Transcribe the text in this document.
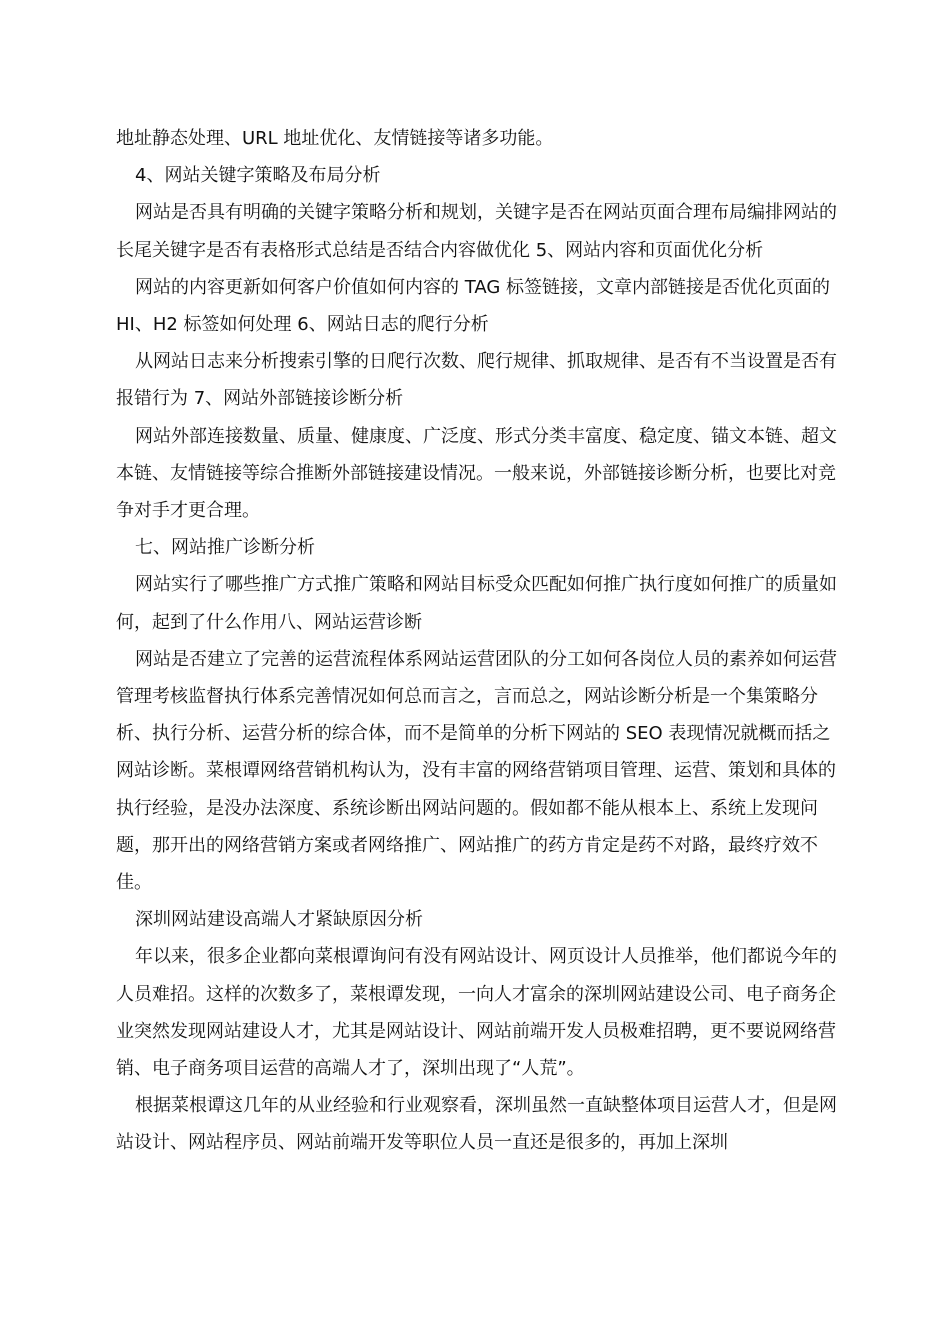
地址静态处理、URL 地址优化、友情链接等诸多功能。

4、网站关键字策略及布局分析

网站是否具有明确的关键字策略分析和规划，关键字是否在网站页面合理布局编排网站的长尾关键字是否有表格形式总结是否结合内容做优化 5、网站内容和页面优化分析

网站的内容更新如何客户价值如何内容的 TAG 标签链接，文章内部链接是否优化页面的 HI、H2 标签如何处理 6、网站日志的爬行分析

从网站日志来分析搜索引擎的日爬行次数、爬行规律、抓取规律、是否有不当设置是否有报错行为 7、网站外部链接诊断分析

网站外部连接数量、质量、健康度、广泛度、形式分类丰富度、稳定度、锚文本链、超文本链、友情链接等综合推断外部链接建设情况。一般来说，外部链接诊断分析，也要比对竞争对手才更合理。

七、网站推广诊断分析

网站实行了哪些推广方式推广策略和网站目标受众匹配如何推广执行度如何推广的质量如何，起到了什么作用八、网站运营诊断

网站是否建立了完善的运营流程体系网站运营团队的分工如何各岗位人员的素养如何运营管理考核监督执行体系完善情况如何总而言之，言而总之，网站诊断分析是一个集策略分析、执行分析、运营分析的综合体，而不是简单的分析下网站的 SEO 表现情况就概而括之网站诊断。菜根谭网络营销机构认为，没有丰富的网络营销项目管理、运营、策划和具体的执行经验，是没办法深度、系统诊断出网站问题的。假如都不能从根本上、系统上发现问题，那开出的网络营销方案或者网络推广、网站推广的药方肯定是药不对路，最终疗效不佳。

深圳网站建设高端人才紧缺原因分析

年以来，很多企业都向菜根谭询问有没有网站设计、网页设计人员推举，他们都说今年的人员难招。这样的次数多了，菜根谭发现，一向人才富余的深圳网站建设公司、电子商务企业突然发现网站建设人才，尤其是网站设计、网站前端开发人员极难招聘，更不要说网络营销、电子商务项目运营的高端人才了，深圳出现了“人荒”。

根据菜根谭这几年的从业经验和行业观察看，深圳虽然一直缺整体项目运营人才，但是网站设计、网站程序员、网站前端开发等职位人员一直还是很多的，再加上深圳
